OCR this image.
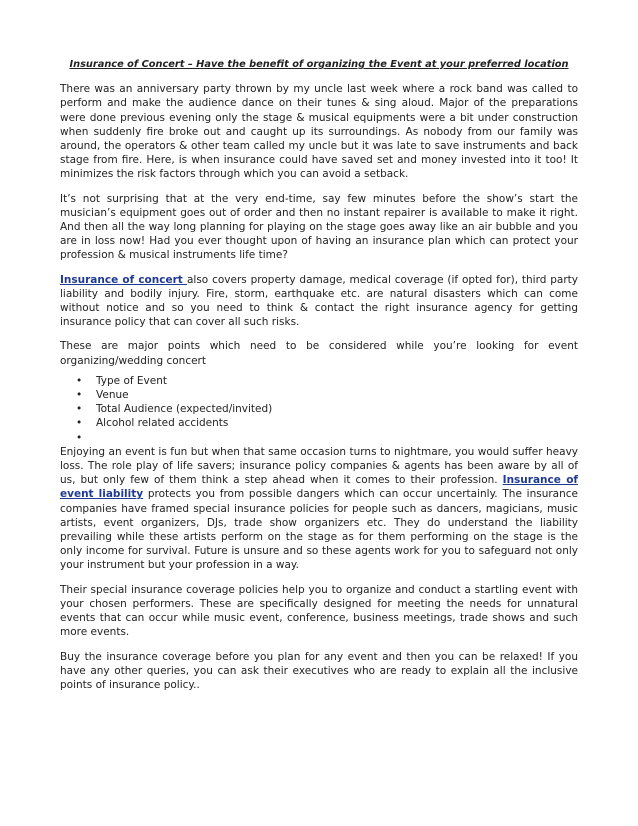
Insurance of Concert – Have the benefit of organizing the Event at your preferred location

There was an anniversary party thrown by my uncle last week where a rock band was called to perform and make the audience dance on their tunes & sing aloud. Major of the preparations were done previous evening only the stage & musical equipments were a bit under construction when suddenly fire broke out and caught up its surroundings. As nobody from our family was around, the operators & other team called my uncle but it was late to save instruments and back stage from fire. Here, is when insurance could have saved set and money invested into it too! It minimizes the risk factors through which you can avoid a setback.

It’s not surprising that at the very end-time, say few minutes before the show’s start the musician’s equipment goes out of order and then no instant repairer is available to make it right. And then all the way long planning for playing on the stage goes away like an air bubble and you are in loss now! Had you ever thought upon of having an insurance plan which can protect your profession & musical instruments life time?

Insurance of concert also covers property damage, medical coverage (if opted for), third party liability and bodily injury. Fire, storm, earthquake etc. are natural disasters which can come without notice and so you need to think & contact the right insurance agency for getting insurance policy that can cover all such risks.

These are major points which need to be considered while you’re looking for event organizing/wedding concert

• Type of Event
• Venue
• Total Audience (expected/invited)
• Alcohol related accidents
•

Enjoying an event is fun but when that same occasion turns to nightmare, you would suffer heavy loss. The role play of life savers; insurance policy companies & agents has been aware by all of us, but only few of them think a step ahead when it comes to their profession. Insurance of event liability protects you from possible dangers which can occur uncertainly. The insurance companies have framed special insurance policies for people such as dancers, magicians, music artists, event organizers, DJs, trade show organizers etc. They do understand the liability prevailing while these artists perform on the stage as for them performing on the stage is the only income for survival. Future is unsure and so these agents work for you to safeguard not only your instrument but your profession in a way.

Their special insurance coverage policies help you to organize and conduct a startling event with your chosen performers. These are specifically designed for meeting the needs for unnatural events that can occur while music event, conference, business meetings, trade shows and such more events.

Buy the insurance coverage before you plan for any event and then you can be relaxed! If you have any other queries, you can ask their executives who are ready to explain all the inclusive points of insurance policy..
